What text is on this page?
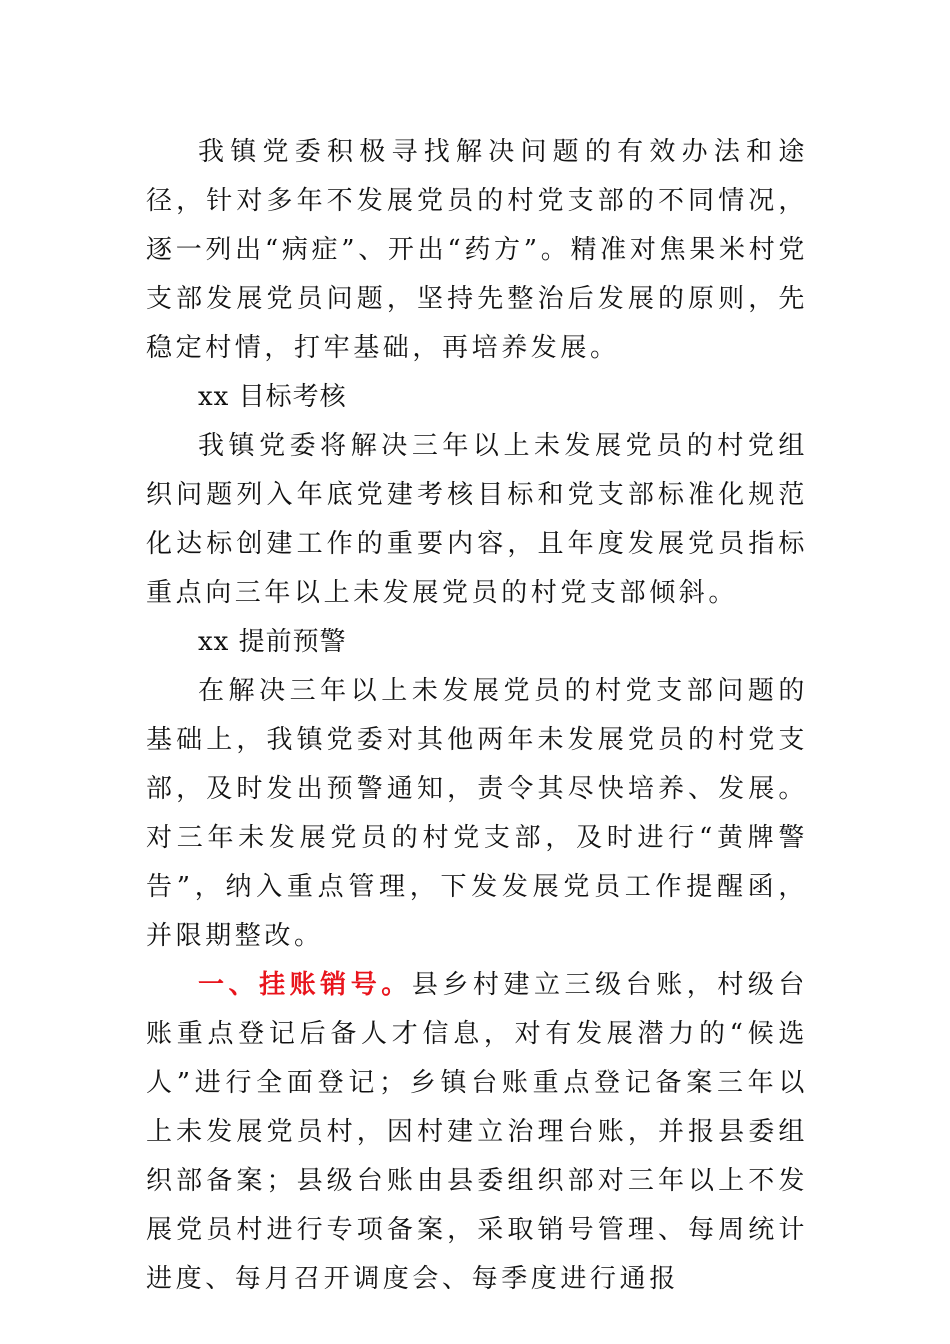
我镇党委积极寻找解决问题的有效办法和途径，针对多年不发展党员的村党支部的不同情况，逐一列出“病症”、开出“药方”。精准对焦果米村党支部发展党员问题，坚持先整治后发展的原则，先稳定村情，打牢基础，再培养发展。

xx 目标考核

我镇党委将解决三年以上未发展党员的村党组织问题列入年底党建考核目标和党支部标准化规范化达标创建工作的重要内容，且年度发展党员指标重点向三年以上未发展党员的村党支部倾斜。

xx 提前预警

在解决三年以上未发展党员的村党支部问题的基础上，我镇党委对其他两年未发展党员的村党支部，及时发出预警通知，责令其尽快培养、发展。对三年未发展党员的村党支部，及时进行“黄牌警告”，纳入重点管理，下发发展党员工作提醒函，并限期整改。

一、挂账销号。县乡村建立三级台账，村级台账重点登记后备人才信息，对有发展潜力的“候选人”进行全面登记；乡镇台账重点登记备案三年以上未发展党员村，因村建立治理台账，并报县委组织部备案；县级台账由县委组织部对三年以上不发展党员村进行专项备案，采取销号管理、每周统计进度、每月召开调度会、每季度进行通报
